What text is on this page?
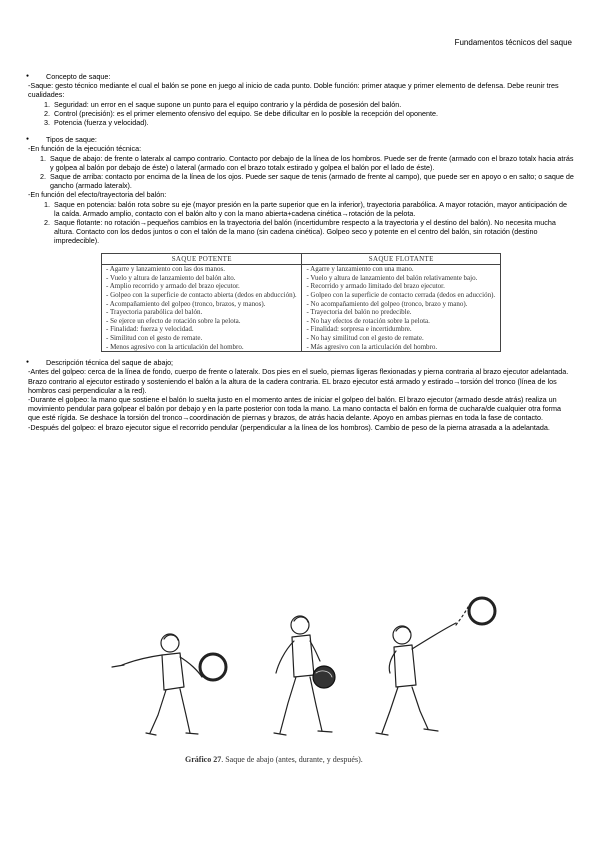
Fundamentos técnicos del saque
● Concepto de saque:

-Saque: gesto técnico mediante el cual el balón se pone en juego al inicio de cada punto. Doble función: primer ataque y primer elemento de defensa. Debe reunir tres cualidades:

1. Seguridad: un error en el saque supone un punto para el equipo contrario y la pérdida de posesión del balón.
2. Control (precisión): es el primer elemento ofensivo del equipo. Se debe dificultar en lo posible la recepción del oponente.
3. Potencia (fuerza y velocidad).
● Tipos de saque:

-En función de la ejecución técnica:

1. Saque de abajo: de frente o lateralx al campo contrario. Contacto por debajo de la línea de los hombros. Puede ser de frente (armado con el brazo totalx hacia atrás y golpea al balón por debajo de éste) o lateral (armado con el brazo totalx estirado y golpea el balón por el lado de éste).
2. Saque de arriba: contacto por encima de la línea de los ojos. Puede ser saque de tenis (armado de frente al campo), que puede ser en apoyo o en salto; o saque de gancho (armado lateralx).

-En función del efecto/trayectoria del balón:

1. Saque en potencia: balón rota sobre su eje (mayor presión en la parte superior que en la inferior), trayectoria parabólica. A mayor rotación, mayor anticipación de la caída. Armado amplio, contacto con el balón alto y con la mano abierta+cadena cinética→rotación de la pelota.
2. Saque flotante: no rotación→pequeños cambios en la trayectoria del balón (incertidumbre respecto a la trayectoria y el destino del balón). No necesita mucha altura. Contacto con los dedos juntos o con el talón de la mano (sin cadena cinética). Golpeo seco y potente en el centro del balón, sin rotación (destino impredecible).
SAQUE POTENTE	SAQUE FLOTANTE
- Agarre y lanzamiento con las dos manos.	- Agarre y lanzamiento con una mano.
- Vuelo y altura de lanzamiento del balón alto.	- Vuelo y altura de lanzamiento del balón relativamente bajo.
- Amplio recorrido y armado del brazo ejecutor.	- Recorrido y armado limitado del brazo ejecutor.
- Golpeo con la superficie de contacto abierta (dedos en abducción).	- Golpeo con la superficie de contacto cerrada (dedos en aducción).
- Acompañamiento del golpeo (tronco, brazos, y manos).	- No acompañamiento del golpeo (tronco, brazo y mano).
- Trayectoria parabólica del balón.	- Trayectoria del balón no predecible.
- Se ejerce un efecto de rotación sobre la pelota.	- No hay efectos de rotación sobre la pelota.
- Finalidad: fuerza y velocidad.	- Finalidad: sorpresa e incertidumbre.
- Similitud con el gesto de remate.	- No hay similitud con el gesto de remate.
- Menos agresivo con la articulación del hombro.	- Más agresivo con la articulación del hombro.
● Descripción técnica del saque de abajo;

-Antes del golpeo: cerca de la línea de fondo, cuerpo de frente o lateralx. Dos pies en el suelo, piernas ligeras flexionadas y pierna contraria al brazo ejecutor adelantada. Brazo contrario al ejecutor estirado y sosteniendo el balón a la altura de la cadera contraria. EL brazo ejecutor está armado y estirado→torsión del tronco (línea de los hombros casi perpendicular a la red).

-Durante el golpeo: la mano que sostiene el balón lo suelta justo en el momento antes de iniciar el golpeo del balón. El brazo ejecutor (armado desde atrás) realiza un movimiento pendular para golpear el balón por debajo y en la parte posterior con toda la mano. La mano contacta el balón en forma de cuchara/de cualquier otra forma que esté rígida. Se deshace la torsión del tronco→coordinación de piernas y brazos, de atrás hacia delante. Apoyo en ambas piernas en toda la fase de contacto.

-Después del golpeo: el brazo ejecutor sigue el recorrido pendular (perpendicular a la línea de los hombros). Cambio de peso de la pierna atrasada a la adelantada.

Gráfico 27. Saque de abajo (antes, durante, y después).
